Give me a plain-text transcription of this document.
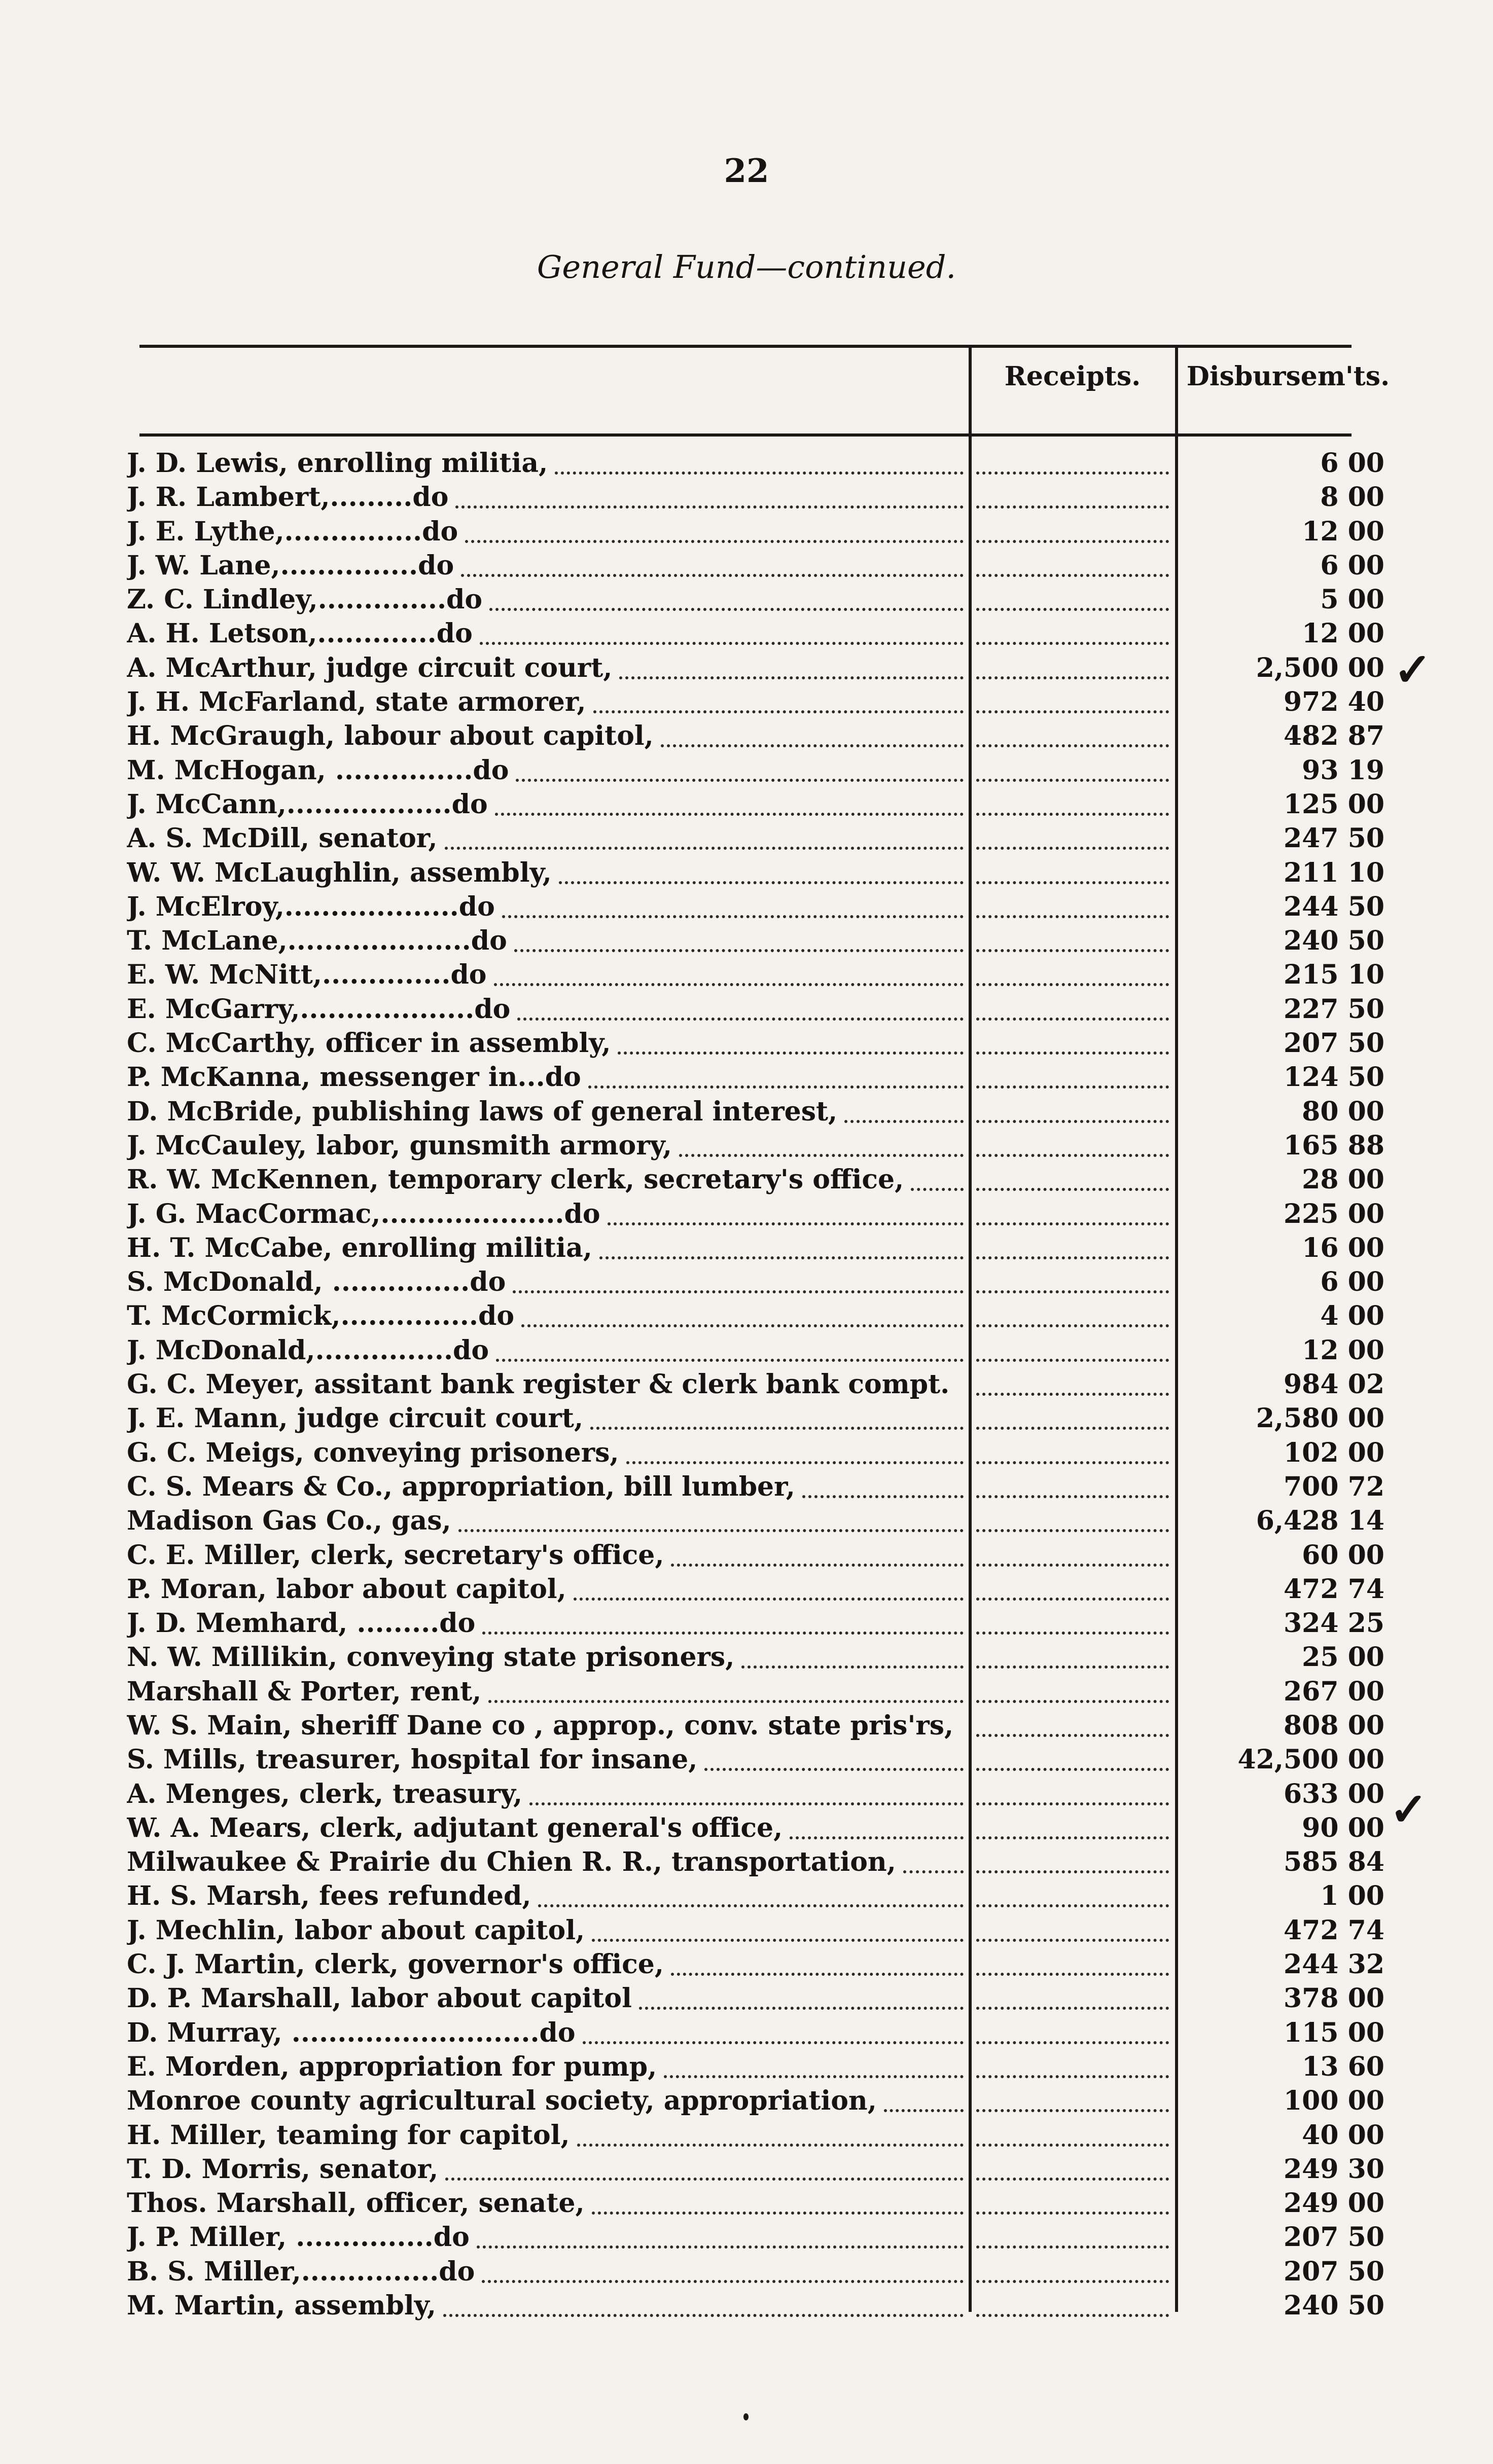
22
General Fund—continued.
Receipts.	Disbursem'ts.
J. D. Lewis, enrolling militia,	6 00
J. R. Lambert,.........do	8 00
J. E. Lythe,...............do	12 00
J. W. Lane,...............do	6 00
Z. C. Lindley,..............do	5 00
A. H. Letson,.............do	12 00
A. McArthur, judge circuit court,	2,500 00
J. H. McFarland, state armorer,	972 40
H. McGraugh, labour about capitol,	482 87
M. McHogan, ...............do	93 19
J. McCann,..................do	125 00
A. S. McDill, senator,	247 50
W. W. McLaughlin, assembly,	211 10
J. McElroy,...................do	244 50
T. McLane,....................do	240 50
E. W. McNitt,..............do	215 10
E. McGarry,...................do	227 50
C. McCarthy, officer in assembly,	207 50
P. McKanna, messenger in...do	124 50
D. McBride, publishing laws of general interest,	80 00
J. McCauley, labor, gunsmith armory,	165 88
R. W. McKennen, temporary clerk, secretary's office,	28 00
J. G. MacCormac,....................do	225 00
H. T. McCabe, enrolling militia,	16 00
S. McDonald, ...............do	6 00
T. McCormick,...............do	4 00
J. McDonald,...............do	12 00
G. C. Meyer, assitant bank register & clerk bank compt.	984 02
J. E. Mann, judge circuit court,	2,580 00
G. C. Meigs, conveying prisoners,	102 00
C. S. Mears & Co., appropriation, bill lumber,	700 72
Madison Gas Co., gas,	6,428 14
C. E. Miller, clerk, secretary's office,	60 00
P. Moran, labor about capitol,	472 74
J. D. Memhard, .........do	324 25
N. W. Millikin, conveying state prisoners,	25 00
Marshall & Porter, rent,	267 00
W. S. Main, sheriff Dane co , approp., conv. state pris'rs,	808 00
S. Mills, treasurer, hospital for insane,	42,500 00
A. Menges, clerk, treasury,	633 00
W. A. Mears, clerk, adjutant general's office,	90 00
Milwaukee & Prairie du Chien R. R., transportation,	585 84
H. S. Marsh, fees refunded,	1 00
J. Mechlin, labor about capitol,	472 74
C. J. Martin, clerk, governor's office,	244 32
D. P. Marshall, labor about capitol	378 00
D. Murray, ...........................do	115 00
E. Morden, appropriation for pump,	13 60
Monroe county agricultural society, appropriation,	100 00
H. Miller, teaming for capitol,	40 00
T. D. Morris, senator,	249 30
Thos. Marshall, officer, senate,	249 00
J. P. Miller, ...............do	207 50
B. S. Miller,...............do	207 50
M. Martin, assembly,	240 50
✓
✓
